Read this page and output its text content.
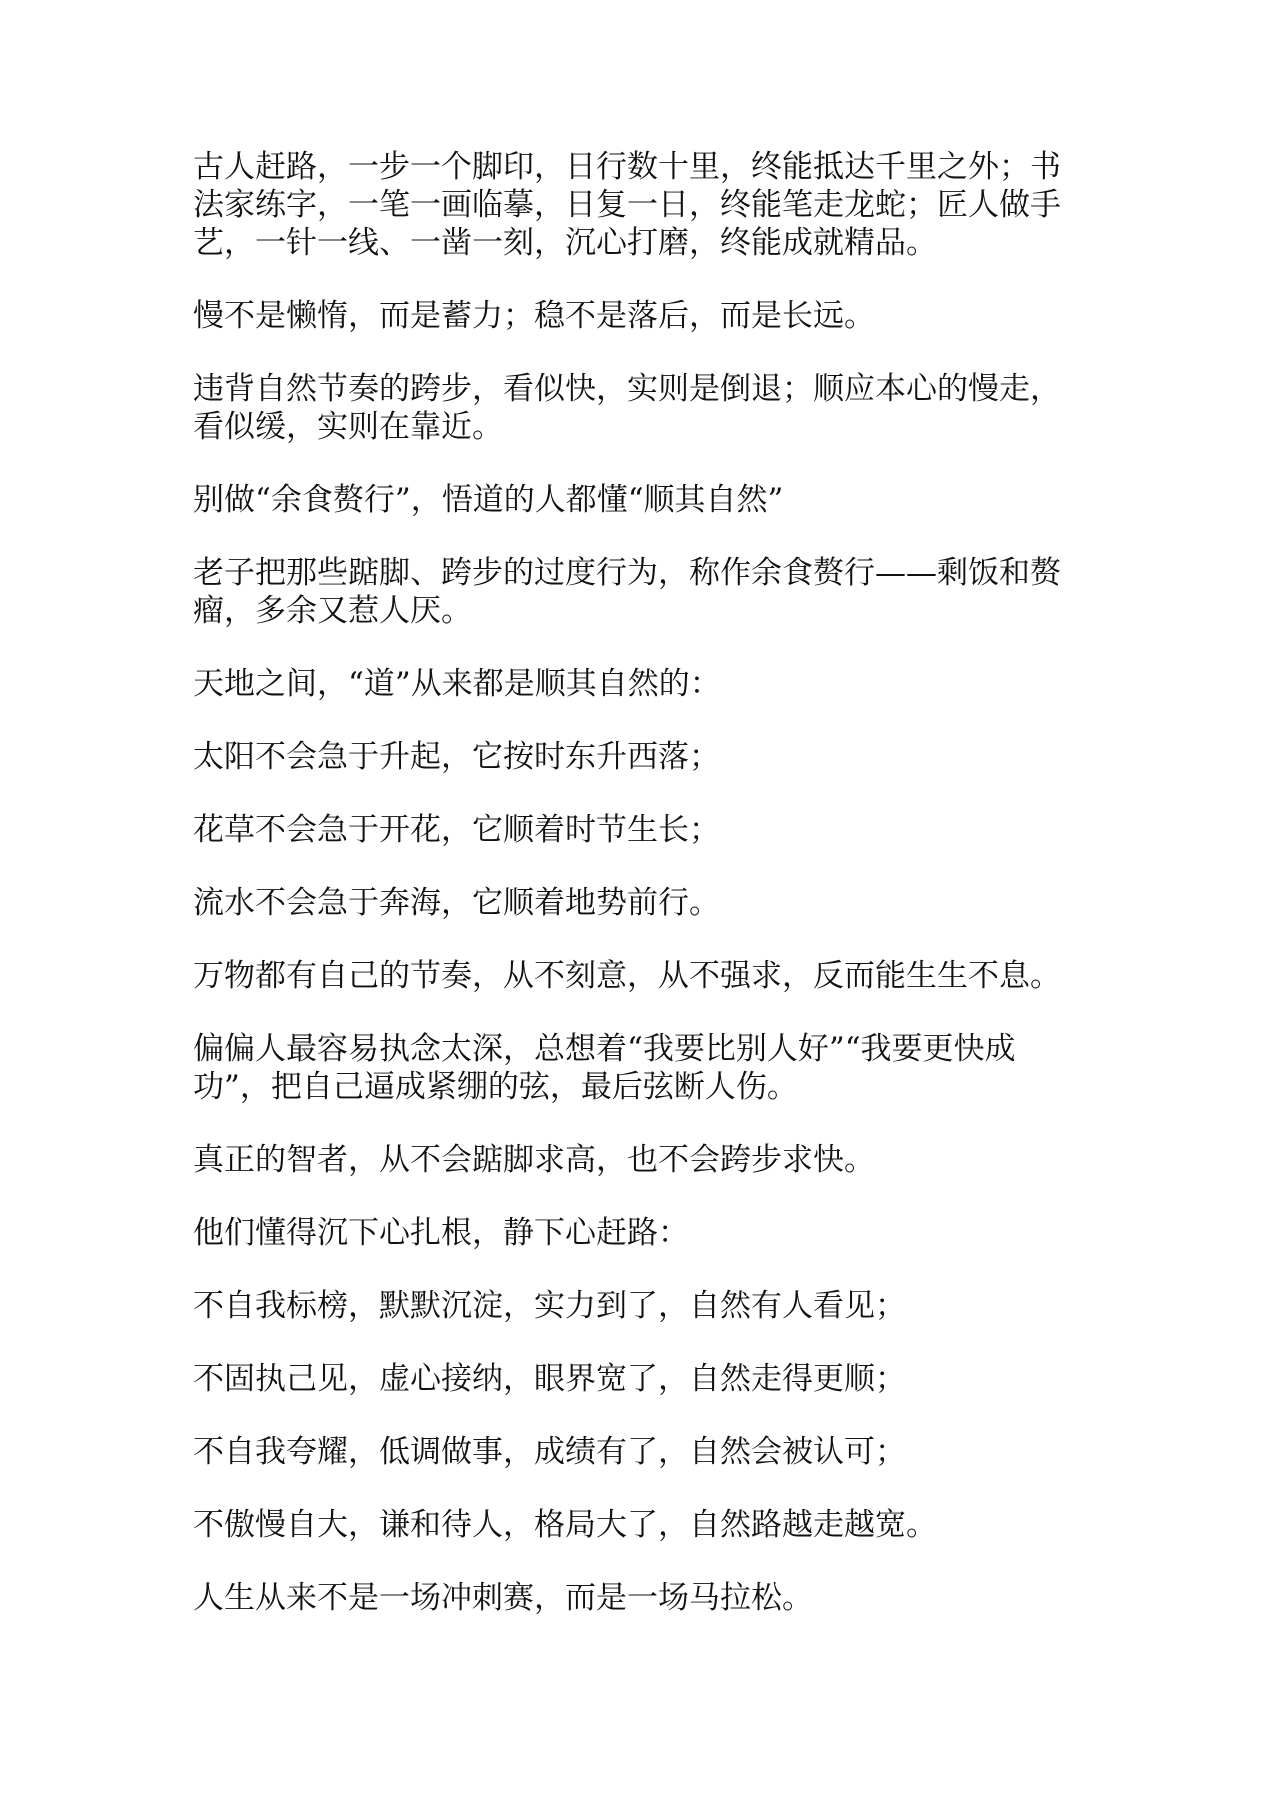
古人赶路，一步一个脚印，日行数十里，终能抵达千里之外；书
法家练字，一笔一画临摹，日复一日，终能笔走龙蛇；匠人做手
艺，一针一线、一凿一刻，沉心打磨，终能成就精品。

慢不是懒惰，而是蓄力；稳不是落后，而是长远。

违背自然节奏的跨步，看似快，实则是倒退；顺应本心的慢走，
看似缓，实则在靠近。

别做“余食赘行”，悟道的人都懂“顺其自然”

老子把那些踮脚、跨步的过度行为，称作余食赘行——剩饭和赘
瘤，多余又惹人厌。

天地之间，“道”从来都是顺其自然的：

太阳不会急于升起，它按时东升西落；

花草不会急于开花，它顺着时节生长；

流水不会急于奔海，它顺着地势前行。

万物都有自己的节奏，从不刻意，从不强求，反而能生生不息。

偏偏人最容易执念太深，总想着“我要比别人好”“我要更快成
功”，把自己逼成紧绷的弦，最后弦断人伤。

真正的智者，从不会踮脚求高，也不会跨步求快。

他们懂得沉下心扎根，静下心赶路：

不自我标榜，默默沉淀，实力到了，自然有人看见；

不固执己见，虚心接纳，眼界宽了，自然走得更顺；

不自我夸耀，低调做事，成绩有了，自然会被认可；

不傲慢自大，谦和待人，格局大了，自然路越走越宽。

人生从来不是一场冲刺赛，而是一场马拉松。
